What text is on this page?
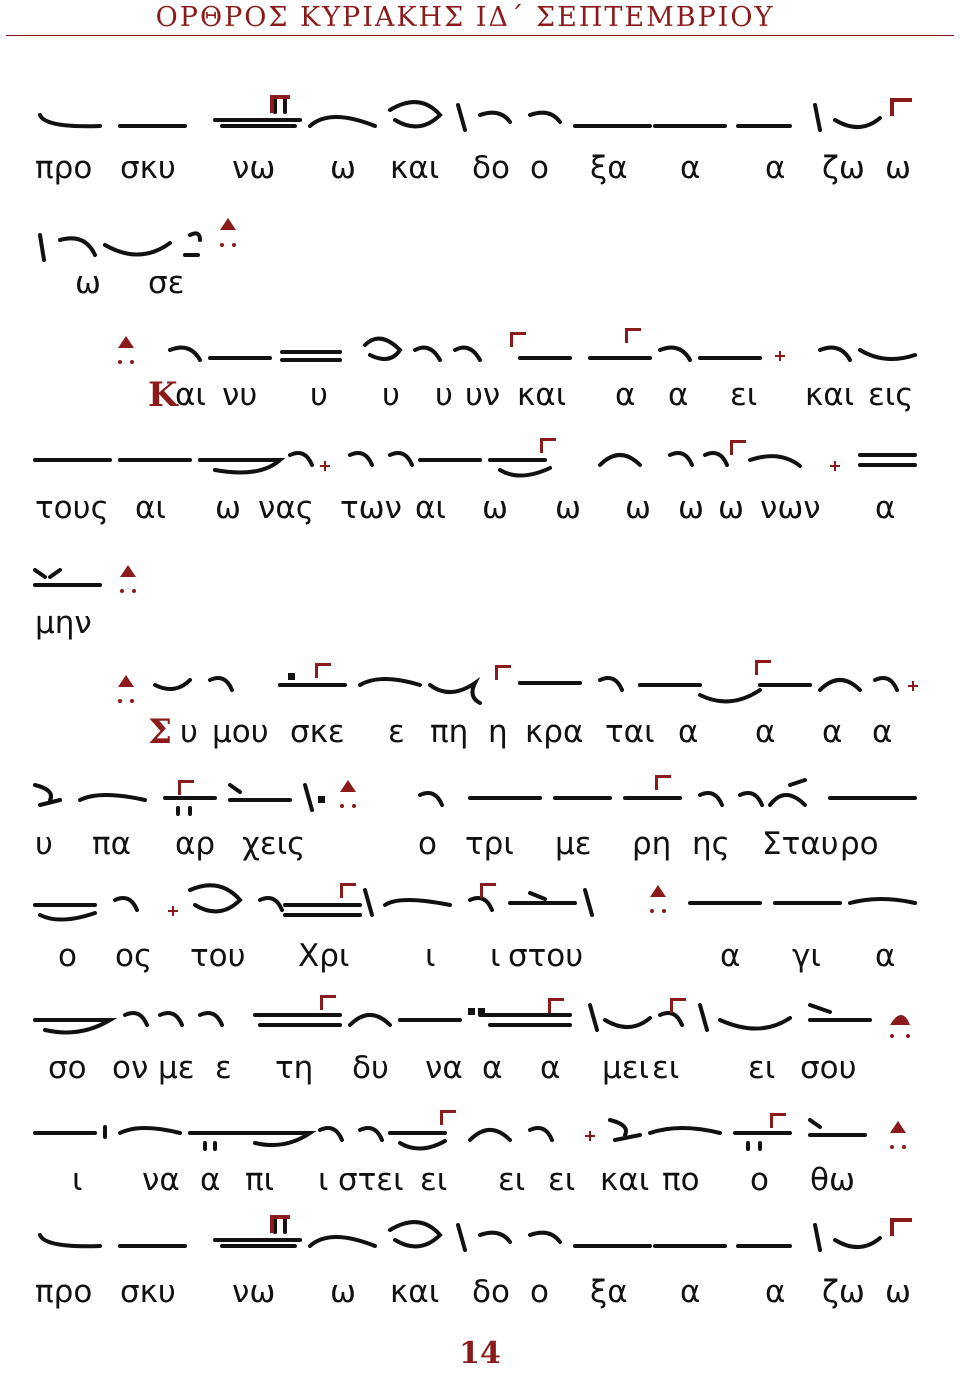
ΟΡΘΡΟΣ ΚΥΡΙΑΚΗΣ ΙΔ΄ ΣΕΠΤΕΜΒΡΙΟΥ
προ σκυ νω ω και δο ο ξα α α ζω ω
ω σε
Κ
αι νυ υ υ υ υν και α α ει και εις
τους αι ω νας των αι ω ω ω ω ω νων α
μην
Σ υ μου σκε ε πη η κρα ται α α α α
υ πα αρ χεις	ο τρι με ρη ης Σταυ ρο
ο ος του Χρι ι ι στου	α γι α
σο ον με ε τη δυ να α α μει ει ει σου
ι να α πι ι στει ει ει ει και πο ο θω
προ σκυ νω ω και δο ο ξα α α ζω ω
14
